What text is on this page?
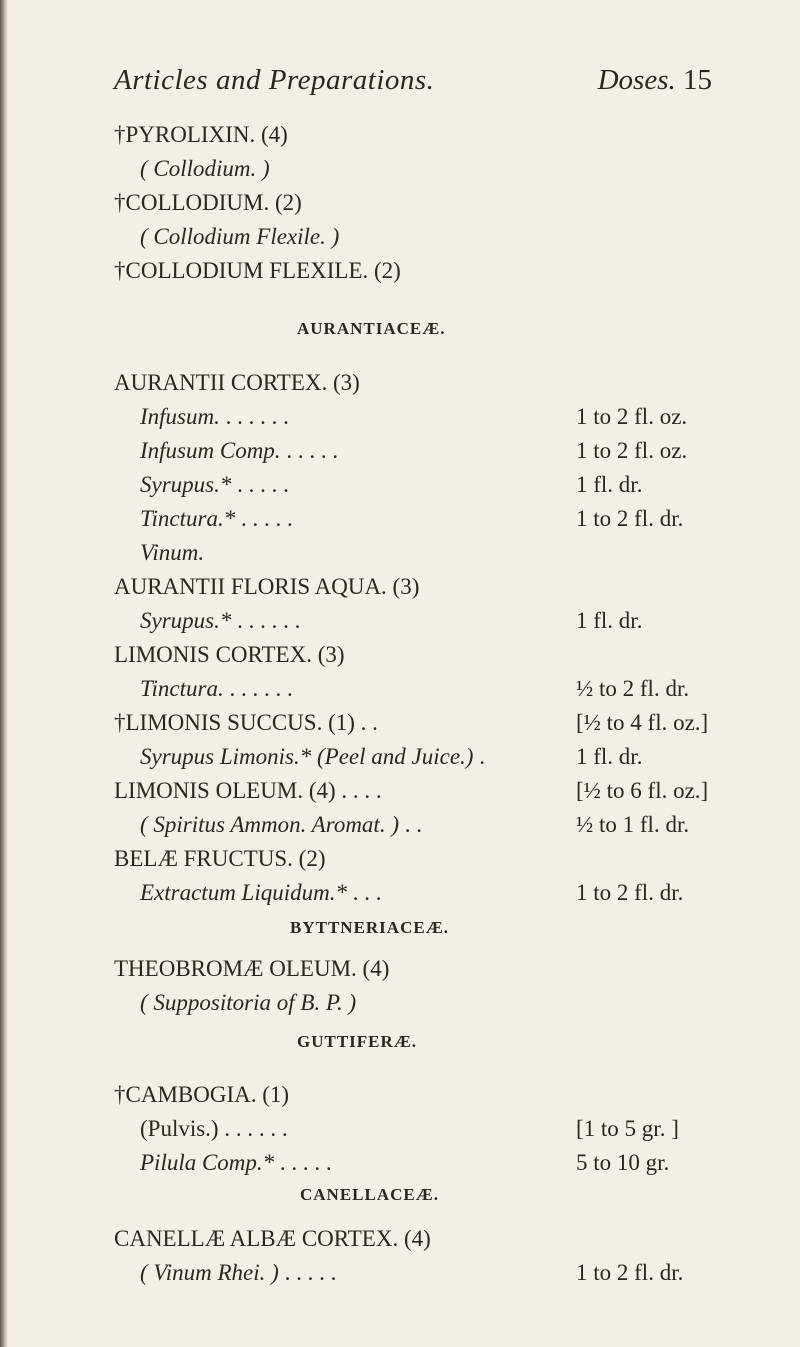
Articles and Preparations.	Doses. 15
†PYROLIXIN. (4)
( Collodium. )
†COLLODIUM. (2)
( Collodium Flexile. )
†COLLODIUM FLEXILE. (2)
AURANTIACEÆ.
AURANTII CORTEX. (3)
Infusum. . . . . . .	1 to 2 fl. oz.
Infusum Comp. . . . . .	1 to 2 fl. oz.
Syrupus.* . . . . .	1 fl. dr.
Tinctura.* . . . . .	1 to 2 fl. dr.
Vinum.
AURANTII FLORIS AQUA. (3)
Syrupus.* . . . . . .	1 fl. dr.
LIMONIS CORTEX. (3)
Tinctura. . . . . . .	½ to 2 fl. dr.
†LIMONIS SUCCUS. (1) . .	[½ to 4 fl. oz.]
Syrupus Limonis.* (Peel and Juice.) .	1 fl. dr.
LIMONIS OLEUM. (4) . . . .	[½ to 6 fl. oz.]
( Spiritus Ammon. Aromat. ) . .	½ to 1 fl. dr.
BELÆ FRUCTUS. (2)
Extractum Liquidum.* . . .	1 to 2 fl. dr.
BYTTNERIACEÆ.
THEOBROMÆ OLEUM. (4)
( Suppositoria of B. P. )
GUTTIFERÆ.
†CAMBOGIA. (1)
(Pulvis.) . . . . . .	[1 to 5 gr. ]
Pilula Comp.* . . . . .	5 to 10 gr.
CANELLACEÆ.
CANELLÆ ALBÆ CORTEX. (4)
( Vinum Rhei. ) . . . . .	1 to 2 fl. dr.
